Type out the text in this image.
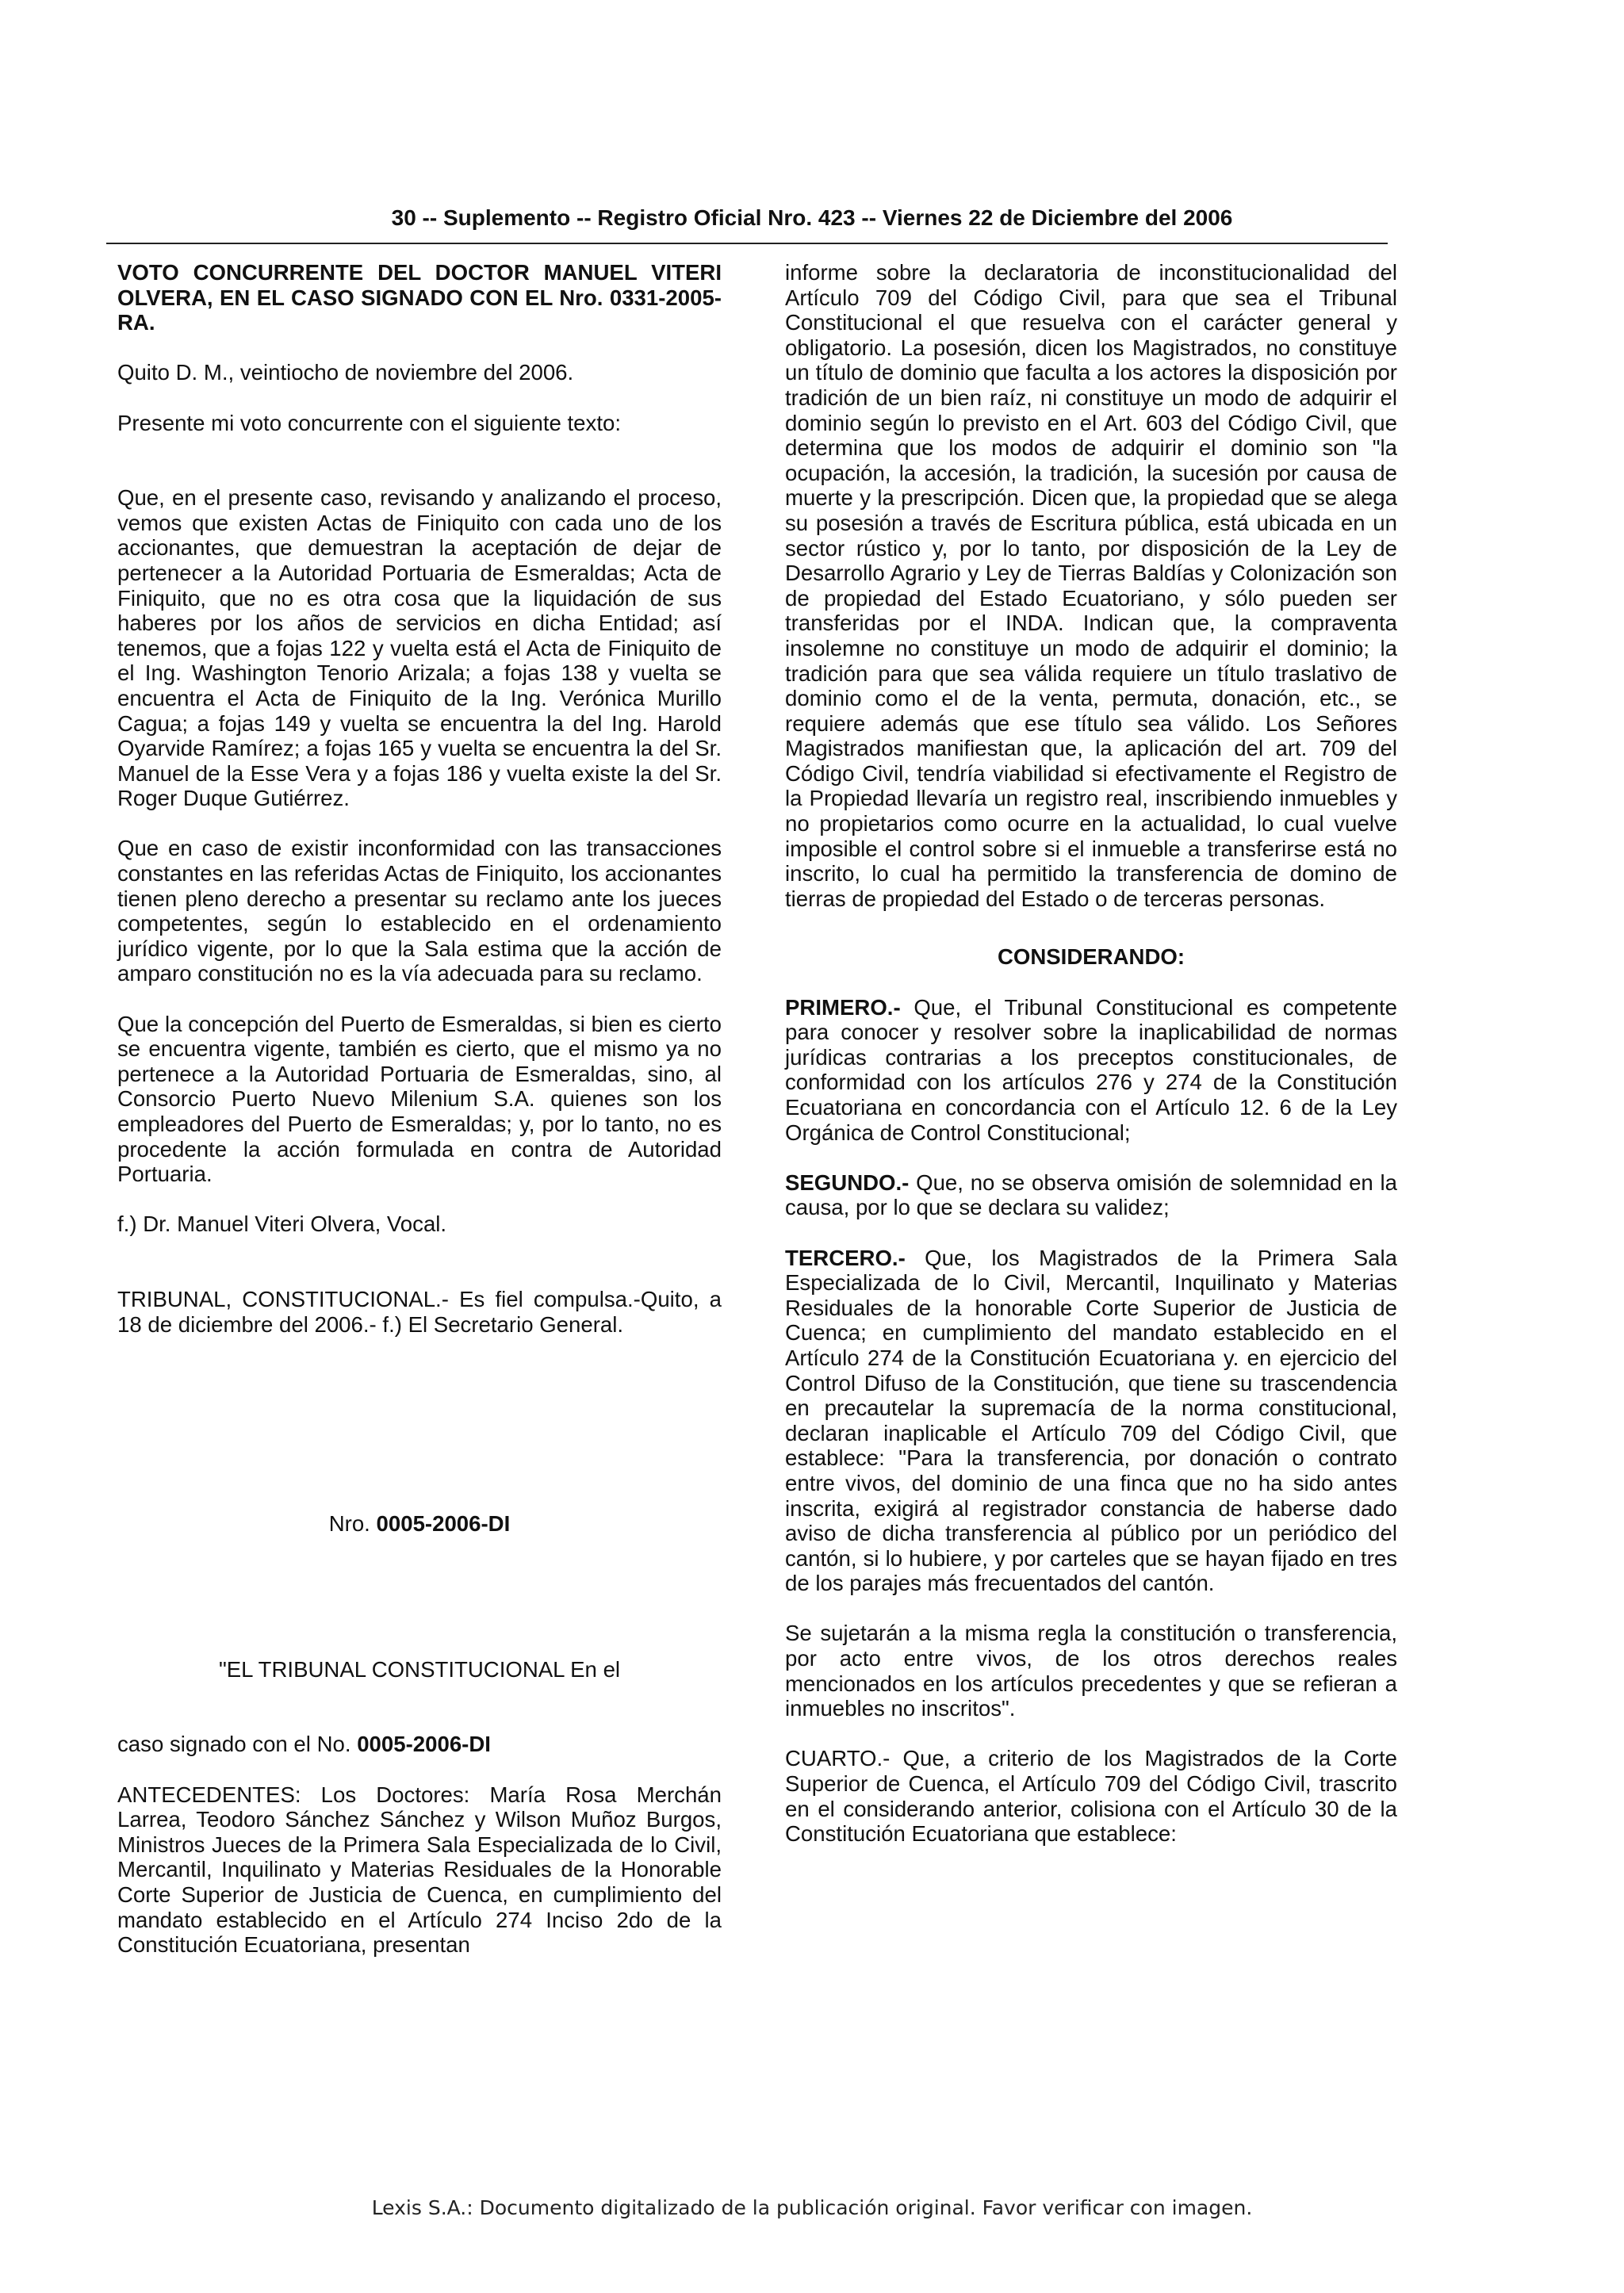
30 -- Suplemento -- Registro Oficial Nro. 423 -- Viernes 22 de Diciembre del 2006

VOTO CONCURRENTE DEL DOCTOR MANUEL VITERI OLVERA, EN EL CASO SIGNADO CON EL Nro. 0331-2005-RA.

Quito D. M., veintiocho de noviembre del 2006.

Presente mi voto concurrente con el siguiente texto:

Que, en el presente caso, revisando y analizando el proceso, vemos que existen Actas de Finiquito con cada uno de los accionantes, que demuestran la aceptación de dejar de pertenecer a la Autoridad Portuaria de Esmeraldas; Acta de Finiquito, que no es otra cosa que la liquidación de sus haberes por los años de servicios en dicha Entidad; así tenemos, que a fojas 122 y vuelta está el Acta de Finiquito de el Ing. Washington Tenorio Arizala; a fojas 138 y vuelta se encuentra el Acta de Finiquito de la Ing. Verónica Murillo Cagua; a fojas 149 y vuelta se encuentra la del Ing. Harold Oyarvide Ramírez; a fojas 165 y vuelta se encuentra la del Sr. Manuel de la Esse Vera y a fojas 186 y vuelta existe la del Sr. Roger Duque Gutiérrez.

Que en caso de existir inconformidad con las transacciones constantes en las referidas Actas de Finiquito, los accionantes tienen pleno derecho a presentar su reclamo ante los jueces competentes, según lo establecido en el ordenamiento jurídico vigente, por lo que la Sala estima que la acción de amparo constitución no es la vía adecuada para su reclamo.

Que la concepción del Puerto de Esmeraldas, si bien es cierto se encuentra vigente, también es cierto, que el mismo ya no pertenece a la Autoridad Portuaria de Esmeraldas, sino, al Consorcio Puerto Nuevo Milenium S.A. quienes son los empleadores del Puerto de Esmeraldas; y, por lo tanto, no es procedente la acción formulada en contra de Autoridad Portuaria.

f.) Dr. Manuel Viteri Olvera, Vocal.

TRIBUNAL, CONSTITUCIONAL.- Es fiel compulsa.-Quito, a 18 de diciembre del 2006.- f.) El Secretario General.

Nro. 0005-2006-DI

"EL TRIBUNAL CONSTITUCIONAL En el

caso signado con el No. 0005-2006-DI

ANTECEDENTES: Los Doctores: María Rosa Merchán Larrea, Teodoro Sánchez Sánchez y Wilson Muñoz Burgos, Ministros Jueces de la Primera Sala Especializada de lo Civil, Mercantil, Inquilinato y Materias Residuales de la Honorable Corte Superior de Justicia de Cuenca, en cumplimiento del mandato establecido en el Artículo 274 Inciso 2do de la Constitución Ecuatoriana, presentan

informe sobre la declaratoria de inconstitucionalidad del Artículo 709 del Código Civil, para que sea el Tribunal Constitucional el que resuelva con el carácter general y obligatorio. La posesión, dicen los Magistrados, no constituye un título de dominio que faculta a los actores la disposición por tradición de un bien raíz, ni constituye un modo de adquirir el dominio según lo previsto en el Art. 603 del Código Civil, que determina que los modos de adquirir el dominio son "la ocupación, la accesión, la tradición, la sucesión por causa de muerte y la prescripción. Dicen que, la propiedad que se alega su posesión a través de Escritura pública, está ubicada en un sector rústico y, por lo tanto, por disposición de la Ley de Desarrollo Agrario y Ley de Tierras Baldías y Colonización son de propiedad del Estado Ecuatoriano, y sólo pueden ser transferidas por el INDA. Indican que, la compraventa insolemne no constituye un modo de adquirir el dominio; la tradición para que sea válida requiere un título traslativo de dominio como el de la venta, permuta, donación, etc., se requiere además que ese título sea válido. Los Señores Magistrados manifiestan que, la aplicación del art. 709 del Código Civil, tendría viabilidad si efectivamente el Registro de la Propiedad llevaría un registro real, inscribiendo inmuebles y no propietarios como ocurre en la actualidad, lo cual vuelve imposible el control sobre si el inmueble a transferirse está no inscrito, lo cual ha permitido la transferencia de domino de tierras de propiedad del Estado o de terceras personas.

CONSIDERANDO:

PRIMERO.- Que, el Tribunal Constitucional es competente para conocer y resolver sobre la inaplicabilidad de normas jurídicas contrarias a los preceptos constitucionales, de conformidad con los artículos 276 y 274 de la Constitución Ecuatoriana en concordancia con el Artículo 12. 6 de la Ley Orgánica de Control Constitucional;

SEGUNDO.- Que, no se observa omisión de solemnidad en la causa, por lo que se declara su validez;

TERCERO.- Que, los Magistrados de la Primera Sala Especializada de lo Civil, Mercantil, Inquilinato y Materias Residuales de la honorable Corte Superior de Justicia de Cuenca; en cumplimiento del mandato establecido en el Artículo 274 de la Constitución Ecuatoriana y. en ejercicio del Control Difuso de la Constitución, que tiene su trascendencia en precautelar la supremacía de la norma constitucional, declaran inaplicable el Artículo 709 del Código Civil, que establece: "Para la transferencia, por donación o contrato entre vivos, del dominio de una finca que no ha sido antes inscrita, exigirá al registrador constancia de haberse dado aviso de dicha transferencia al público por un periódico del cantón, si lo hubiere, y por carteles que se hayan fijado en tres de los parajes más frecuentados del cantón.

Se sujetarán a la misma regla la constitución o transferencia, por acto entre vivos, de los otros derechos reales mencionados en los artículos precedentes y que se refieran a inmuebles no inscritos".

CUARTO.- Que, a criterio de los Magistrados de la Corte Superior de Cuenca, el Artículo 709 del Código Civil, trascrito en el considerando anterior, colisiona con el Artículo 30 de la Constitución Ecuatoriana que establece:

Lexis S.A.: Documento digitalizado de la publicación original. Favor verificar con imagen.
